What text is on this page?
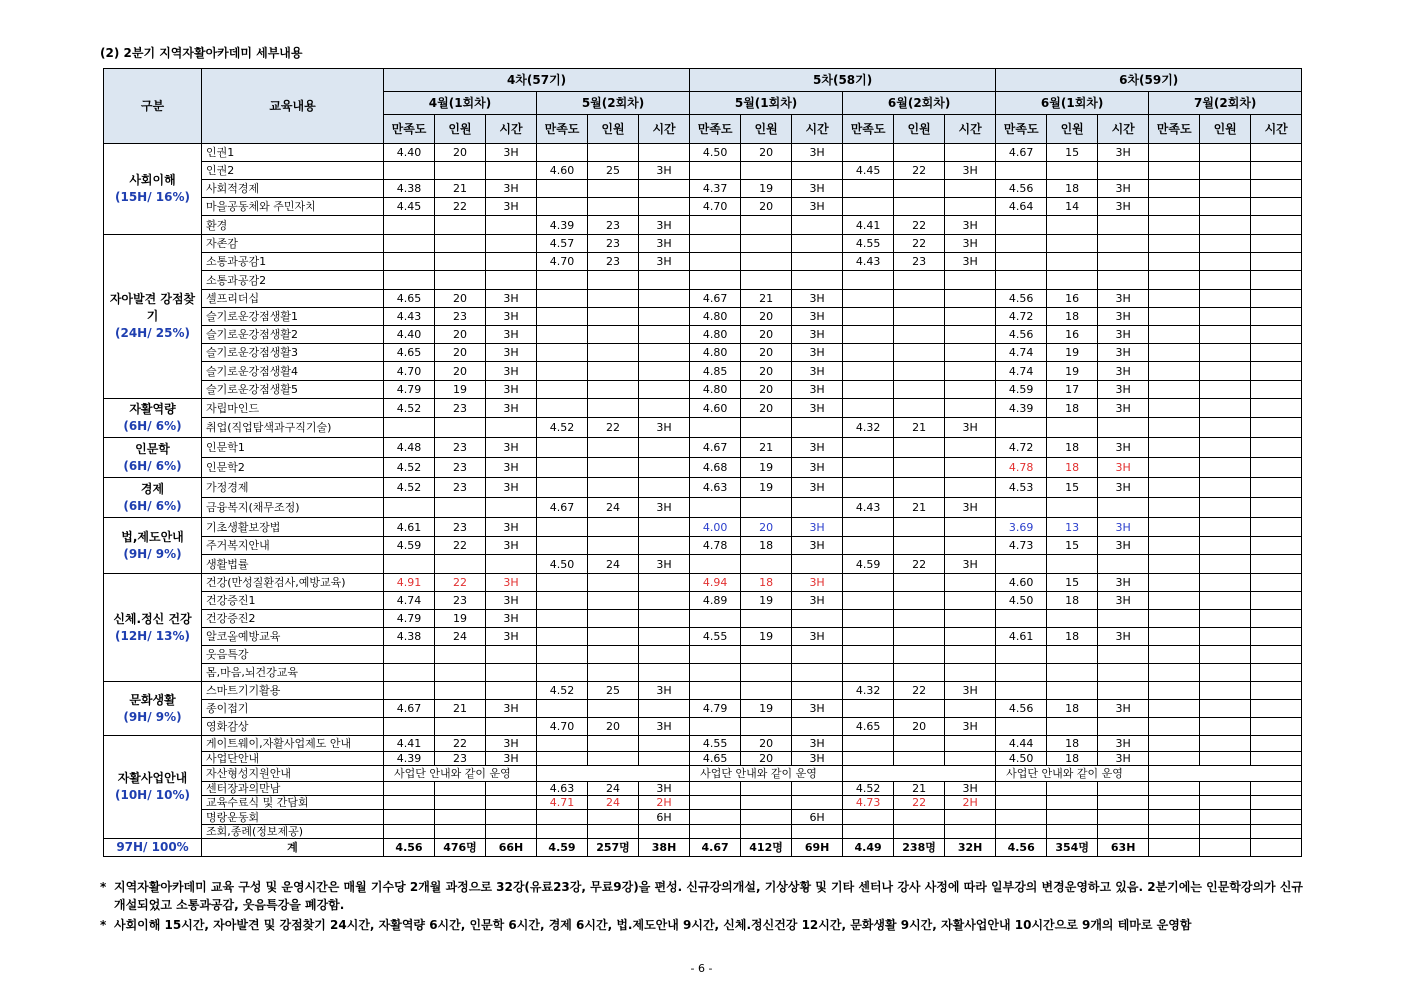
(2) 2분기 지역자활아카데미 세부내용
구분	교육내용	4차(57기)						5차(58기)						6차(59기)					
		4월(1회차)			5월(2회차)			5월(1회차)			6월(2회차)			6월(1회차)			7월(2회차)		
		만족도	인원	시간	만족도	인원	시간	만족도	인원	시간	만족도	인원	시간	만족도	인원	시간	만족도	인원	시간

사회이해
(15H/ 16%)	인권1	4.40	20	3H				4.50	20	3H				4.67	15	3H			
	인권2				4.60	25	3H				4.45	22	3H						
	사회적경제	4.38	21	3H				4.37	19	3H				4.56	18	3H			
	마을공동체와 주민자치	4.45	22	3H				4.70	20	3H				4.64	14	3H			
	환경				4.39	23	3H				4.41	22	3H						

자아발견 강점찾기
(24H/ 25%)	자존감				4.57	23	3H				4.55	22	3H						
	소통과공감1				4.70	23	3H				4.43	23	3H						
	소통과공감2																		
	셀프리더십	4.65	20	3H				4.67	21	3H				4.56	16	3H			
	슬기로운강점생활1	4.43	23	3H				4.80	20	3H				4.72	18	3H			
	슬기로운강점생활2	4.40	20	3H				4.80	20	3H				4.56	16	3H			
	슬기로운강점생활3	4.65	20	3H				4.80	20	3H				4.74	19	3H			
	슬기로운강점생활4	4.70	20	3H				4.85	20	3H				4.74	19	3H			
	슬기로운강점생활5	4.79	19	3H				4.80	20	3H				4.59	17	3H			

자활역량
(6H/ 6%)	자립마인드	4.52	23	3H				4.60	20	3H				4.39	18	3H			
	취업(직업탐색과구직기술)				4.52	22	3H				4.32	21	3H						

인문학
(6H/ 6%)	인문학1	4.48	23	3H				4.67	21	3H				4.72	18	3H			
	인문학2	4.52	23	3H				4.68	19	3H				4.78	18	3H			

경제
(6H/ 6%)	가정경제	4.52	23	3H				4.63	19	3H				4.53	15	3H			
	금융복지(채무조정)				4.67	24	3H				4.43	21	3H						

법,제도안내
(9H/ 9%)	기초생활보장법	4.61	23	3H				4.00	20	3H				3.69	13	3H			
	주거복지안내	4.59	22	3H				4.78	18	3H				4.73	15	3H			
	생활법률				4.50	24	3H				4.59	22	3H						

신체.정신 건강
(12H/ 13%)	건강(만성질환검사,예방교육)	4.91	22	3H				4.94	18	3H				4.60	15	3H			
	건강증진1	4.74	23	3H				4.89	19	3H				4.50	18	3H			
	건강증진2	4.79	19	3H															
	알코올예방교육	4.38	24	3H				4.55	19	3H				4.61	18	3H			
	웃음특강																		
	몸,마음,뇌건강교육																		

문화생활
(9H/ 9%)	스마트기기활용				4.52	25	3H				4.32	22	3H						
	종이접기	4.67	21	3H				4.79	19	3H				4.56	18	3H			
	영화감상				4.70	20	3H				4.65	20	3H						

자활사업안내
(10H/ 10%)	게이트웨이,자활사업제도 안내	4.41	22	3H				4.55	20	3H				4.44	18	3H			
	사업단안내	4.39	23	3H				4.65	20	3H				4.50	18	3H			
	자산형성지원안내	사업단 안내와 같이 운영						사업단 안내와 같이 운영						사업단 안내와 같이 운영					
	센터장과의만남				4.63	24	3H				4.52	21	3H						
	교육수료식 및 간담회				4.71	24	2H				4.73	22	2H						
	명랑운동회						6H			6H									
	조회,종례(정보제공)																		
97H/ 100%	계	4.56	476명	66H	4.59	257명	38H	4.67	412명	69H	4.49	238명	32H	4.56	354명	63H			
* 지역자활아카데미 교육 구성 및 운영시간은 매월 기수당 2개월 과정으로 32강(유료23강, 무료9강)을 편성. 신규강의개설, 기상상황 및 기타 센터나 강사 사정에 따라 일부강의 변경운영하고 있음. 2분기에는 인문학강의가 신규 개설되었고 소통과공감, 웃음특강을 폐강함.
* 사회이해 15시간, 자아발견 및 강점찾기 24시간, 자활역량 6시간, 인문학 6시간, 경제 6시간, 법.제도안내 9시간, 신체.정신건강 12시간, 문화생활 9시간, 자활사업안내 10시간으로 9개의 테마로 운영함
- 6 -
